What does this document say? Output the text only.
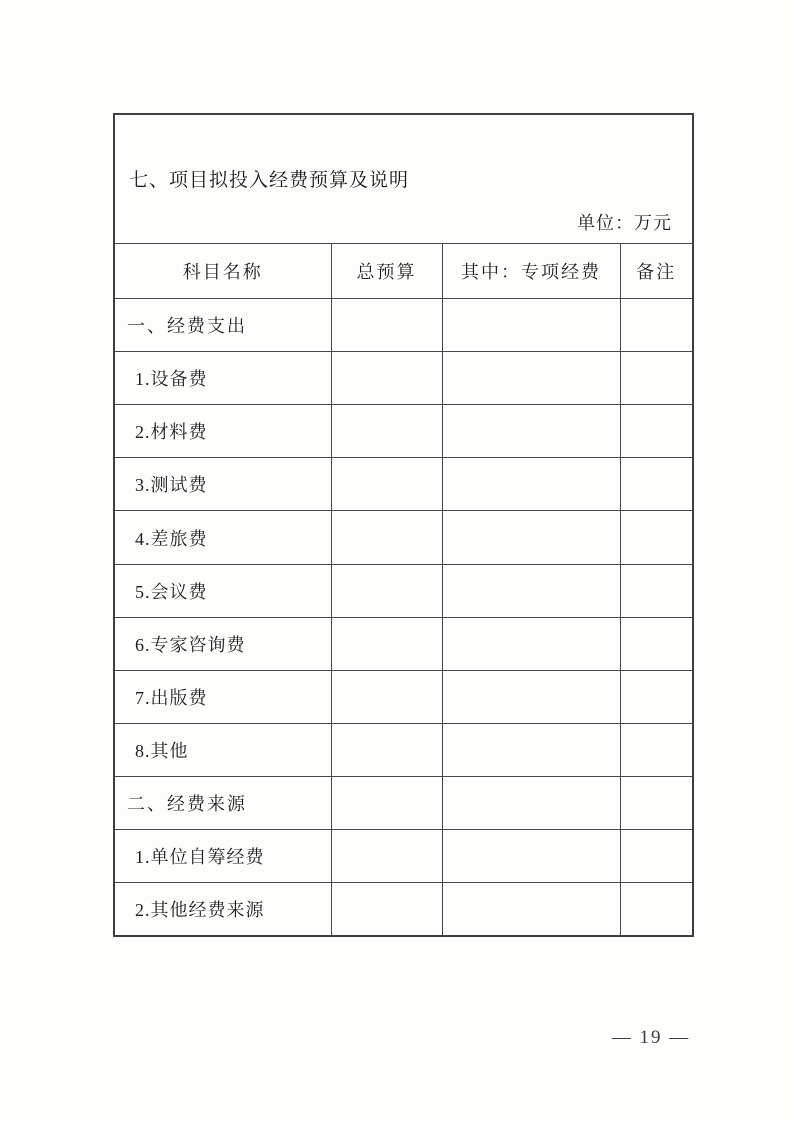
七、项目拟投入经费预算及说明
单位：万元			

科目名称	总预算	其中：专项经费	备注
一、经费支出			
1.设备费			
2.材料费			
3.测试费			
4.差旅费			
5.会议费			
6.专家咨询费			
7.出版费			
8.其他			
二、经费来源			
1.单位自筹经费			
2.其他经费来源			
— 19 —
